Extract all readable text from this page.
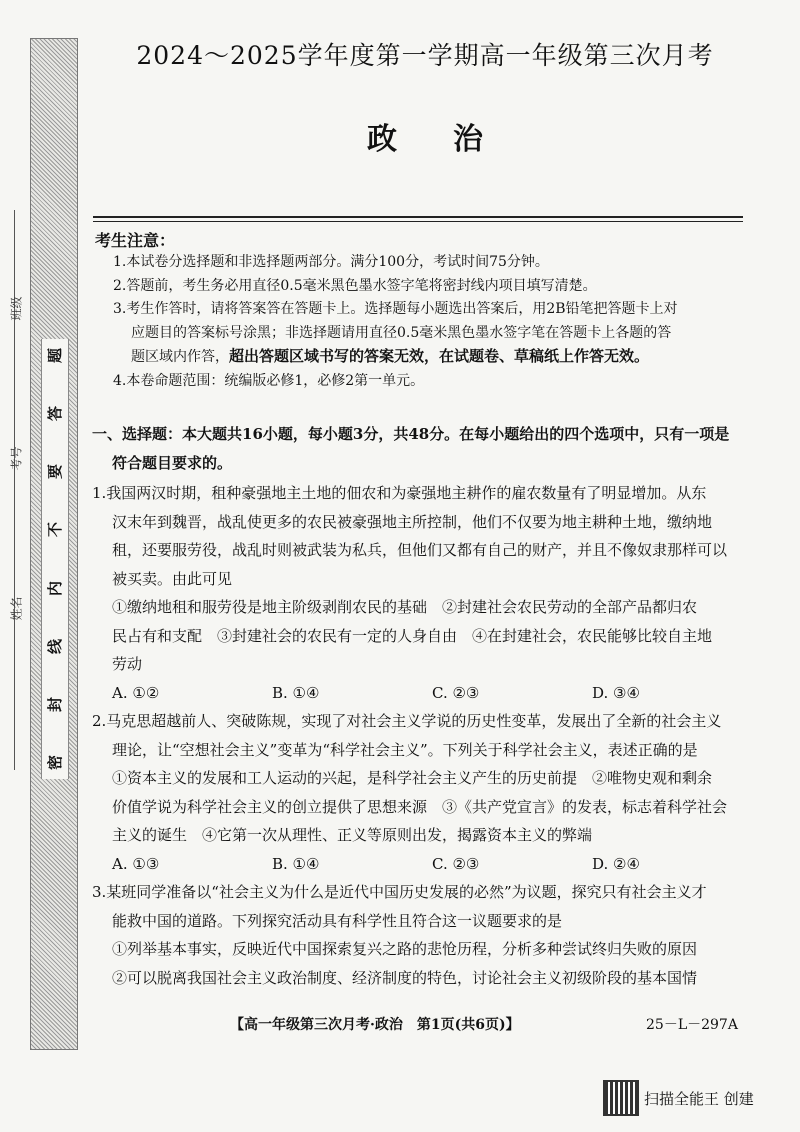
密
封
线
内
不
要
答
题
班级
考号
姓名
2024～2025学年度第一学期高一年级第三次月考
政治
考生注意：

1.本试卷分选择题和非选择题两部分。满分100分，考试时间75分钟。

2.答题前，考生务必用直径0.5毫米黑色墨水签字笔将密封线内项目填写清楚。

3.考生作答时，请将答案答在答题卡上。选择题每小题选出答案后，用2B铅笔把答题卡上对

应题目的答案标号涂黑；非选择题请用直径0.5毫米黑色墨水签字笔在答题卡上各题的答

题区域内作答，超出答题区域书写的答案无效，在试题卷、草稿纸上作答无效。

4.本卷命题范围：统编版必修1，必修2第一单元。

一、选择题：本大题共16小题，每小题3分，共48分。在每小题给出的四个选项中，只有一项是

符合题目要求的。

1.我国两汉时期，租种豪强地主土地的佃农和为豪强地主耕作的雇农数量有了明显增加。从东

汉末年到魏晋，战乱使更多的农民被豪强地主所控制，他们不仅要为地主耕种土地，缴纳地

租，还要服劳役，战乱时则被武装为私兵，但他们又都有自己的财产，并且不像奴隶那样可以

被买卖。由此可见

①缴纳地租和服劳役是地主阶级剥削农民的基础　②封建社会农民劳动的全部产品都归农

民占有和支配　③封建社会的农民有一定的人身自由　④在封建社会，农民能够比较自主地

劳动

A. ①②	B. ①④	C. ②③	D. ③④

2.马克思超越前人、突破陈规，实现了对社会主义学说的历史性变革，发展出了全新的社会主义

理论，让“空想社会主义”变革为“科学社会主义”。下列关于科学社会主义，表述正确的是

①资本主义的发展和工人运动的兴起，是科学社会主义产生的历史前提　②唯物史观和剩余

价值学说为科学社会主义的创立提供了思想来源　③《共产党宣言》的发表，标志着科学社会

主义的诞生　④它第一次从理性、正义等原则出发，揭露资本主义的弊端

A. ①③	B. ①④	C. ②③	D. ②④

3.某班同学准备以“社会主义为什么是近代中国历史发展的必然”为议题，探究只有社会主义才

能救中国的道路。下列探究活动具有科学性且符合这一议题要求的是

①列举基本事实，反映近代中国探索复兴之路的悲怆历程，分析多种尝试终归失败的原因

②可以脱离我国社会主义政治制度、经济制度的特色，讨论社会主义初级阶段的基本国情

【高一年级第三次月考·政治　第1页(共6页)】	25－L－297A
扫描全能王 创建
